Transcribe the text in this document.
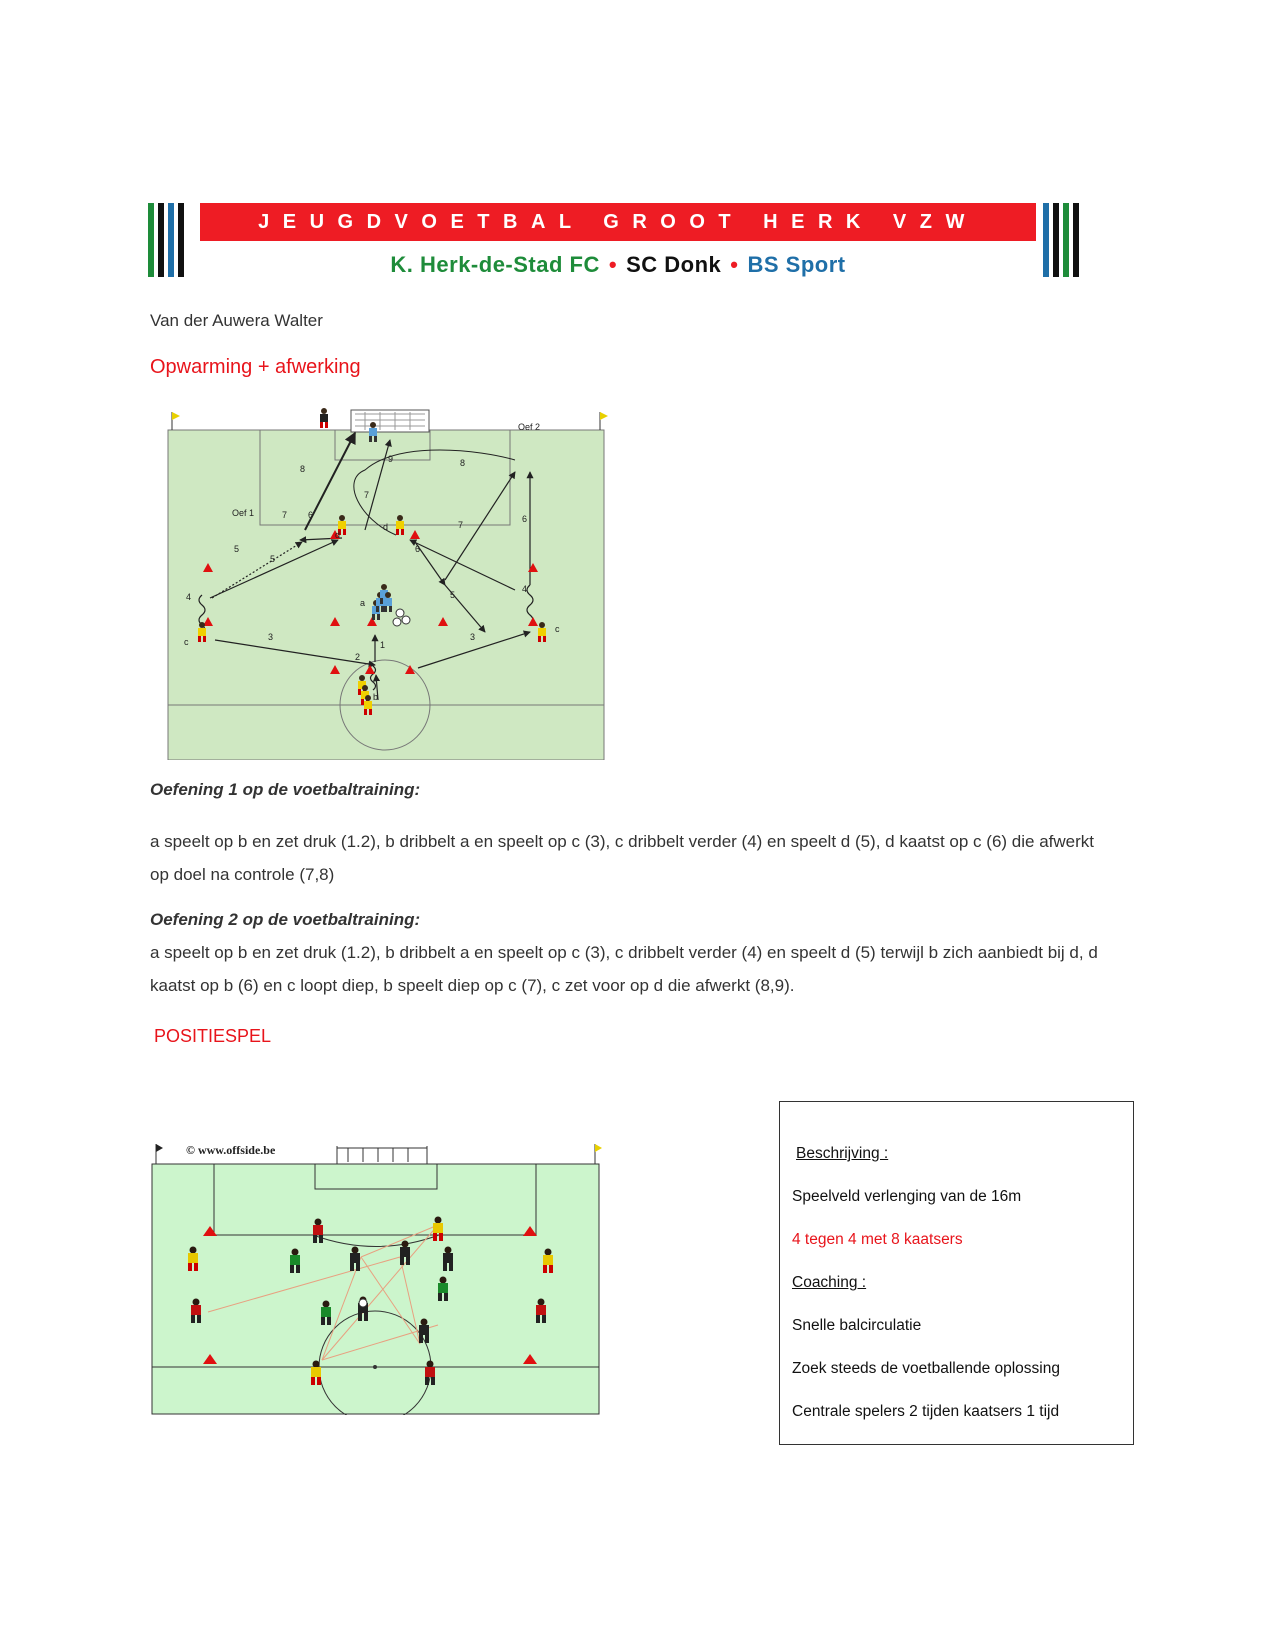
JEUGDVOETBAL GROOT HERK VZW
K. Herk-de-Stad FC • SC Donk • BS Sport
Van der Auwera Walter
Opwarming + afwerking
Oef 1
Oef 2
a
b
c
c
d
d
1
2
3	3
4
4
5
5
5
6
6
6
7
7
7
8
8
9
Oefening 1 op de voetbaltraining:
a speelt op b en zet druk (1.2), b dribbelt a en speelt op c (3), c dribbelt verder (4) en speelt d (5), d kaatst op c (6) die afwerkt op doel na controle (7,8)
Oefening 2 op de voetbaltraining:
a speelt op b en zet druk (1.2), b dribbelt a en speelt op c (3), c dribbelt verder (4) en speelt d (5) terwijl b zich aanbiedt bij d, d kaatst op b (6) en c loopt diep, b speelt diep op c (7), c zet voor op d die afwerkt (8,9).
POSITIESPEL
© www.offside.be	Beschrijving :

Speelveld verlenging van de 16m

4 tegen 4 met 8 kaatsers

Coaching :

Snelle balcirculatie

Zoek steeds de voetballende oplossing

Centrale spelers 2 tijden kaatsers 1 tijd
